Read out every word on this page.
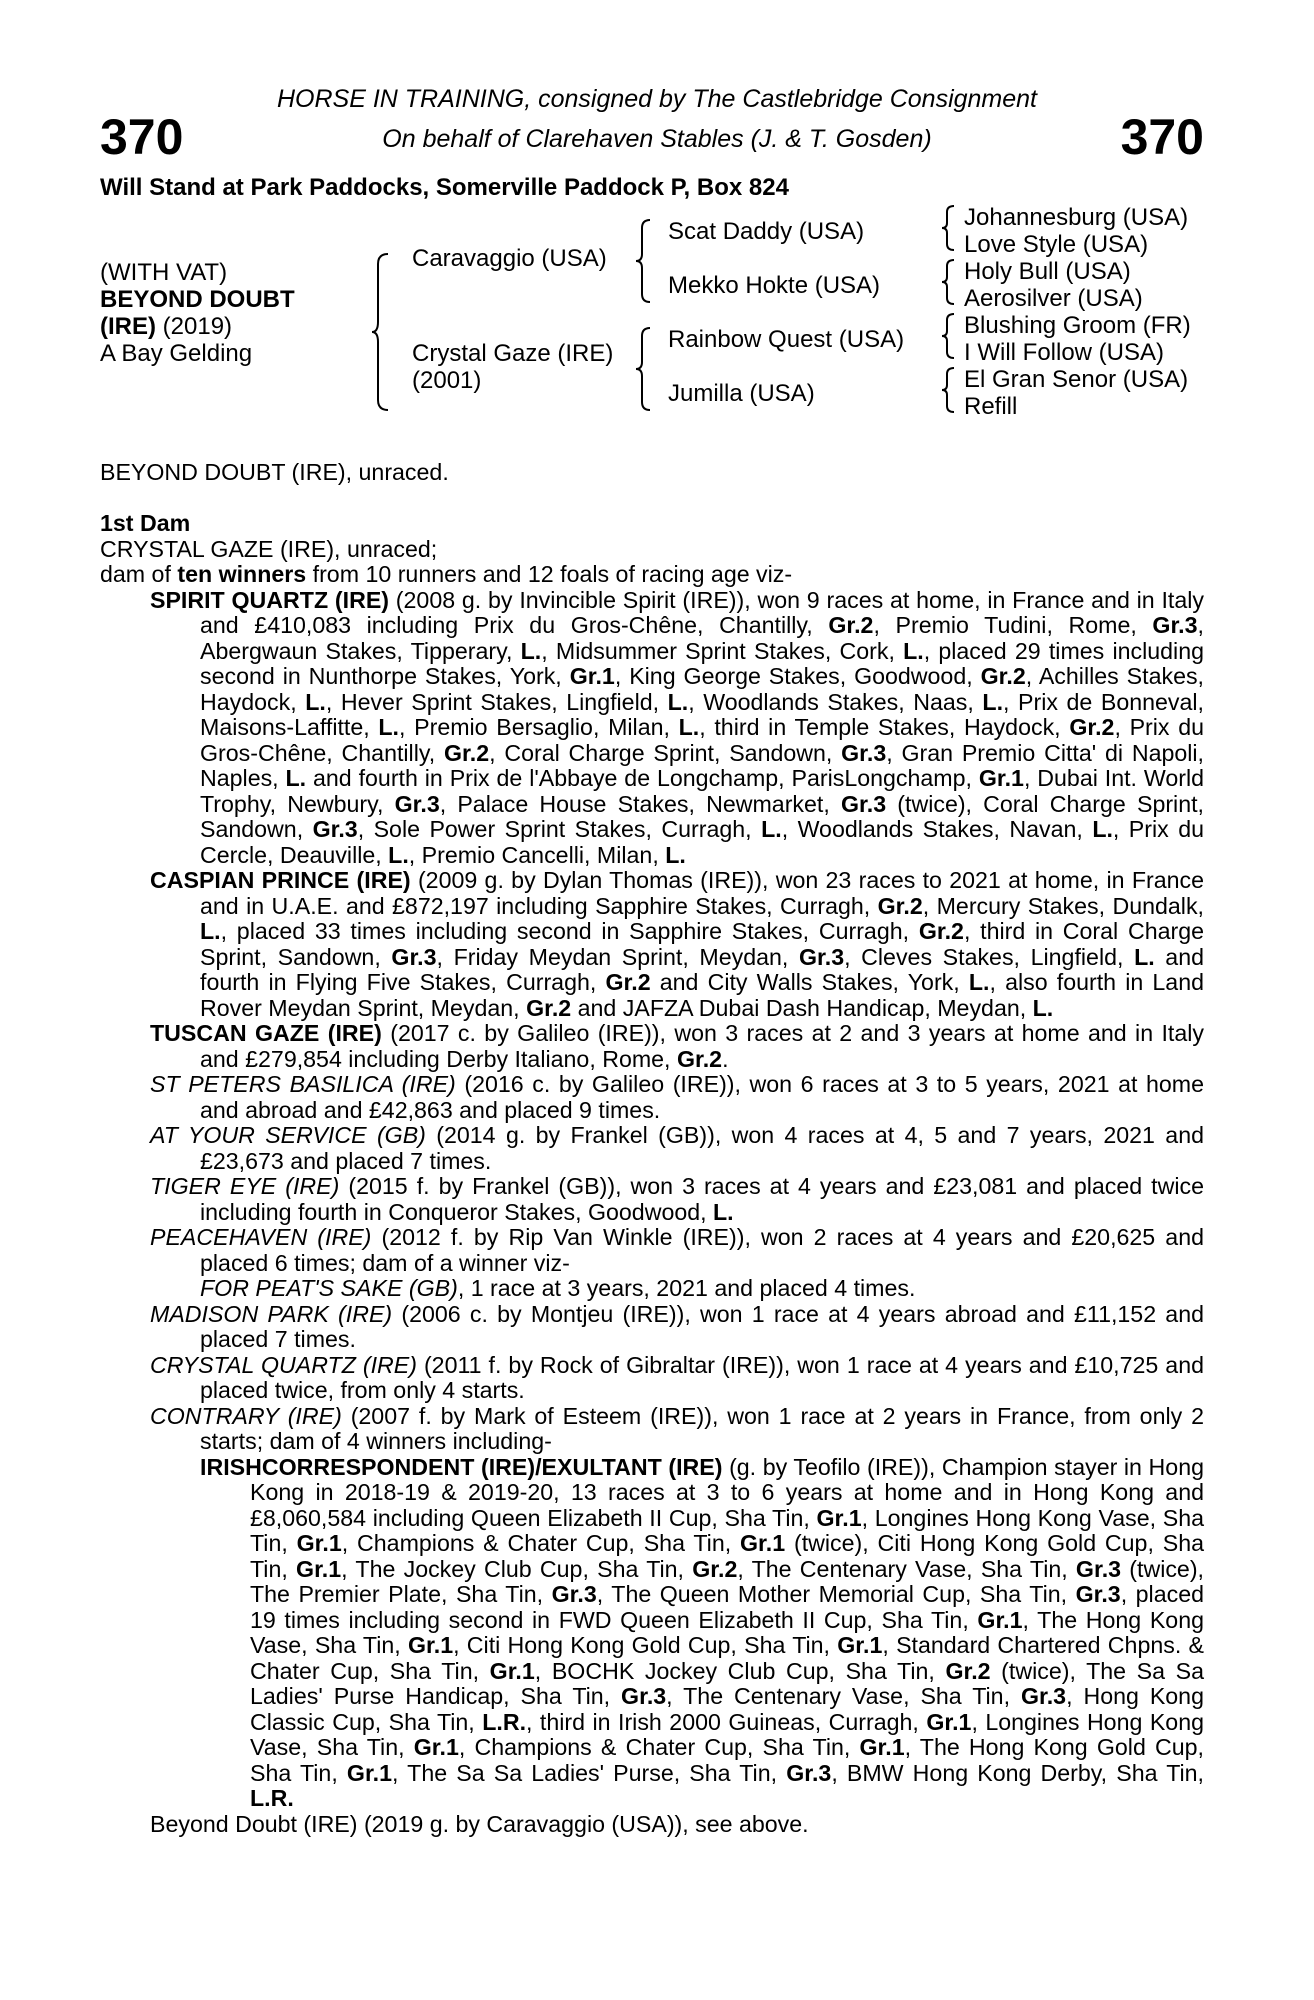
370	370
HORSE IN TRAINING, consigned by The Castlebridge Consignment
On behalf of Clarehaven Stables (J. & T. Gosden)
Will Stand at Park Paddocks, Somerville Paddock P, Box 824
(WITH VAT)
BEYOND DOUBT
(IRE) (2019)
A Bay Gelding
Caravaggio (USA)
Crystal Gaze (IRE)
(2001)
Scat Daddy (USA)
Mekko Hokte (USA)
Rainbow Quest (USA)
Jumilla (USA)
Johannesburg (USA)
Love Style (USA)
Holy Bull (USA)
Aerosilver (USA)
Blushing Groom (FR)
I Will Follow (USA)
El Gran Senor (USA)
Refill
BEYOND DOUBT (IRE), unraced.

1st Dam

CRYSTAL GAZE (IRE), unraced;

dam of ten winners from 10 runners and 12 foals of racing age viz-

SPIRIT QUARTZ (IRE) (2008 g. by Invincible Spirit (IRE)), won 9 races at home, in France and in Italy and £410,083 including Prix du Gros-Chêne, Chantilly, Gr.2, Premio Tudini, Rome, Gr.3, Abergwaun Stakes, Tipperary, L., Midsummer Sprint Stakes, Cork, L., placed 29 times including second in Nunthorpe Stakes, York, Gr.1, King George Stakes, Goodwood, Gr.2, Achilles Stakes, Haydock, L., Hever Sprint Stakes, Lingfield, L., Woodlands Stakes, Naas, L., Prix de Bonneval, Maisons-Laffitte, L., Premio Bersaglio, Milan, L., third in Temple Stakes, Haydock, Gr.2, Prix du Gros-Chêne, Chantilly, Gr.2, Coral Charge Sprint, Sandown, Gr.3, Gran Premio Citta' di Napoli, Naples, L. and fourth in Prix de l'Abbaye de Longchamp, ParisLongchamp, Gr.1, Dubai Int. World Trophy, Newbury, Gr.3, Palace House Stakes, Newmarket, Gr.3 (twice), Coral Charge Sprint, Sandown, Gr.3, Sole Power Sprint Stakes, Curragh, L., Woodlands Stakes, Navan, L., Prix du Cercle, Deauville, L., Premio Cancelli, Milan, L.

CASPIAN PRINCE (IRE) (2009 g. by Dylan Thomas (IRE)), won 23 races to 2021 at home, in France and in U.A.E. and £872,197 including Sapphire Stakes, Curragh, Gr.2, Mercury Stakes, Dundalk, L., placed 33 times including second in Sapphire Stakes, Curragh, Gr.2, third in Coral Charge Sprint, Sandown, Gr.3, Friday Meydan Sprint, Meydan, Gr.3, Cleves Stakes, Lingfield, L. and fourth in Flying Five Stakes, Curragh, Gr.2 and City Walls Stakes, York, L., also fourth in Land Rover Meydan Sprint, Meydan, Gr.2 and JAFZA Dubai Dash Handicap, Meydan, L.

TUSCAN GAZE (IRE) (2017 c. by Galileo (IRE)), won 3 races at 2 and 3 years at home and in Italy and £279,854 including Derby Italiano, Rome, Gr.2.

ST PETERS BASILICA (IRE) (2016 c. by Galileo (IRE)), won 6 races at 3 to 5 years, 2021 at home and abroad and £42,863 and placed 9 times.

AT YOUR SERVICE (GB) (2014 g. by Frankel (GB)), won 4 races at 4, 5 and 7 years, 2021 and £23,673 and placed 7 times.

TIGER EYE (IRE) (2015 f. by Frankel (GB)), won 3 races at 4 years and £23,081 and placed twice including fourth in Conqueror Stakes, Goodwood, L.

PEACEHAVEN (IRE) (2012 f. by Rip Van Winkle (IRE)), won 2 races at 4 years and £20,625 and placed 6 times; dam of a winner viz-

FOR PEAT'S SAKE (GB), 1 race at 3 years, 2021 and placed 4 times.

MADISON PARK (IRE) (2006 c. by Montjeu (IRE)), won 1 race at 4 years abroad and £11,152 and placed 7 times.

CRYSTAL QUARTZ (IRE) (2011 f. by Rock of Gibraltar (IRE)), won 1 race at 4 years and £10,725 and placed twice, from only 4 starts.

CONTRARY (IRE) (2007 f. by Mark of Esteem (IRE)), won 1 race at 2 years in France, from only 2 starts; dam of 4 winners including-

IRISHCORRESPONDENT (IRE)/EXULTANT (IRE) (g. by Teofilo (IRE)), Champion stayer in Hong Kong in 2018-19 & 2019-20, 13 races at 3 to 6 years at home and in Hong Kong and £8,060,584 including Queen Elizabeth II Cup, Sha Tin, Gr.1, Longines Hong Kong Vase, Sha Tin, Gr.1, Champions & Chater Cup, Sha Tin, Gr.1 (twice), Citi Hong Kong Gold Cup, Sha Tin, Gr.1, The Jockey Club Cup, Sha Tin, Gr.2, The Centenary Vase, Sha Tin, Gr.3 (twice), The Premier Plate, Sha Tin, Gr.3, The Queen Mother Memorial Cup, Sha Tin, Gr.3, placed 19 times including second in FWD Queen Elizabeth II Cup, Sha Tin, Gr.1, The Hong Kong Vase, Sha Tin, Gr.1, Citi Hong Kong Gold Cup, Sha Tin, Gr.1, Standard Chartered Chpns. & Chater Cup, Sha Tin, Gr.1, BOCHK Jockey Club Cup, Sha Tin, Gr.2 (twice), The Sa Sa Ladies' Purse Handicap, Sha Tin, Gr.3, The Centenary Vase, Sha Tin, Gr.3, Hong Kong Classic Cup, Sha Tin, L.R., third in Irish 2000 Guineas, Curragh, Gr.1, Longines Hong Kong Vase, Sha Tin, Gr.1, Champions & Chater Cup, Sha Tin, Gr.1, The Hong Kong Gold Cup, Sha Tin, Gr.1, The Sa Sa Ladies' Purse, Sha Tin, Gr.3, BMW Hong Kong Derby, Sha Tin, L.R.

Beyond Doubt (IRE) (2019 g. by Caravaggio (USA)), see above.
